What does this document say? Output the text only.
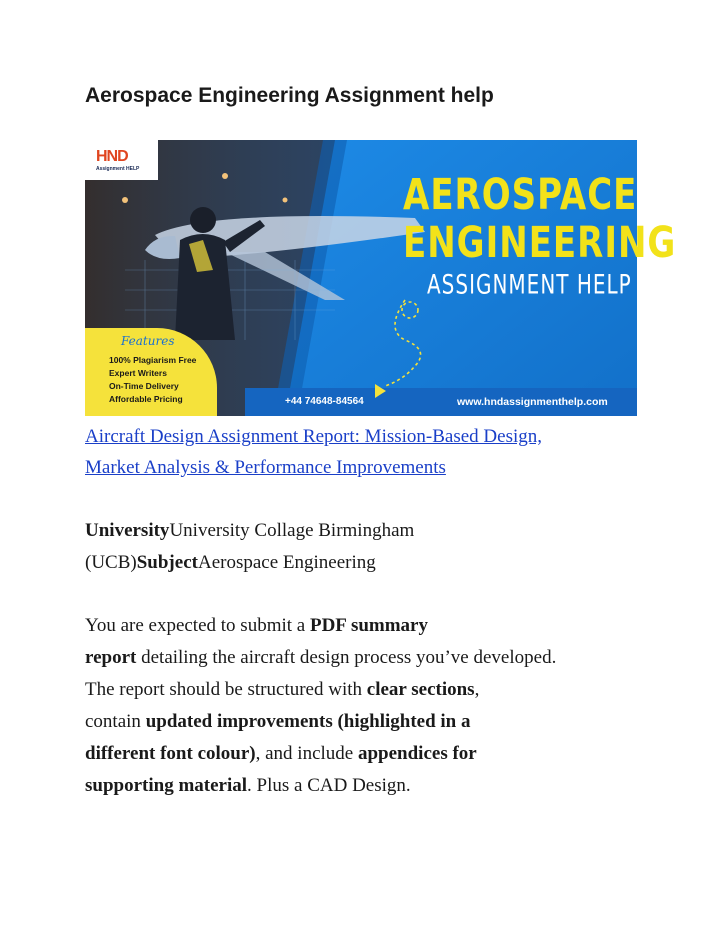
Aerospace Engineering Assignment help
HND
Assignment HELP
AEROSPACE
ENGINEERING
ASSIGNMENT HELP
Features
100% Plagiarism Free
Expert Writers
On-Time Delivery
Affordable Pricing	+44 74648-84564	www.hndassignmenthelp.com
Aircraft Design Assignment Report: Mission-Based Design,
Market Analysis & Performance Improvements
UniversityUniversity Collage Birmingham
(UCB)SubjectAerospace Engineering
You are expected to submit a PDF summary
report detailing the aircraft design process you’ve developed.
The report should be structured with clear sections,
contain updated improvements (highlighted in a
different font colour), and include appendices for
supporting material. Plus a CAD Design.
